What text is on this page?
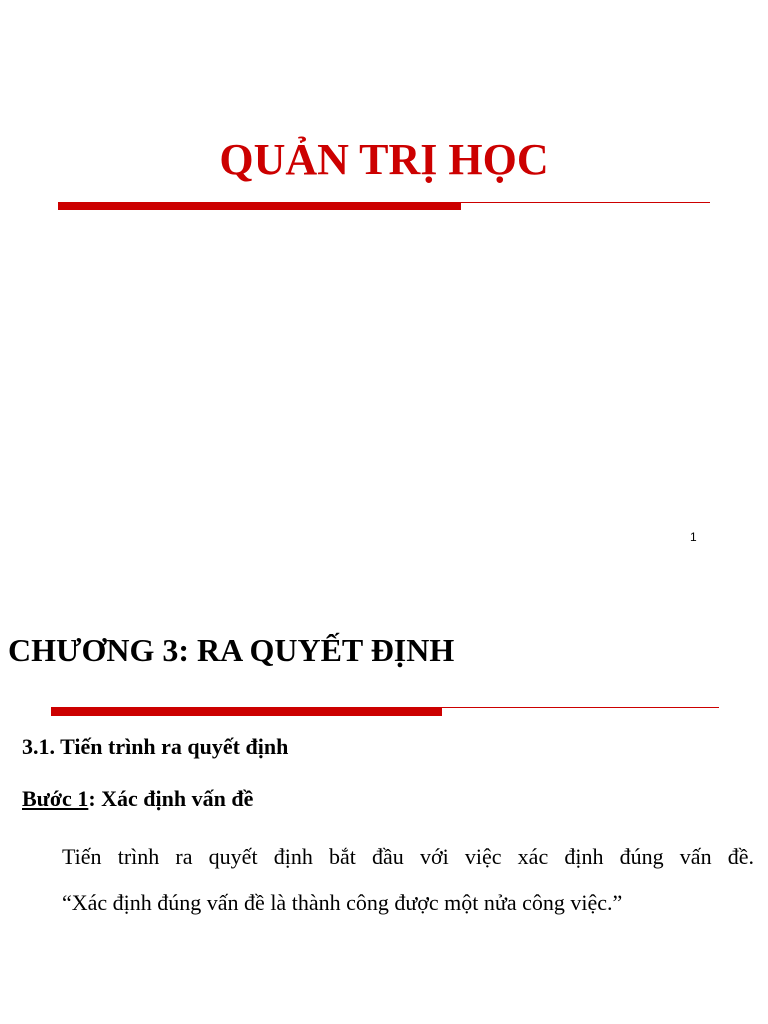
QUẢN TRỊ HỌC
1
CHƯƠNG 3: RA QUYẾT ĐỊNH
3.1. Tiến trình ra quyết định
Bước 1: Xác định vấn đề

Tiến trình ra quyết định bắt đầu với việc xác định đúng vấn đề.
“Xác định đúng vấn đề là thành công được một nửa công việc.”
